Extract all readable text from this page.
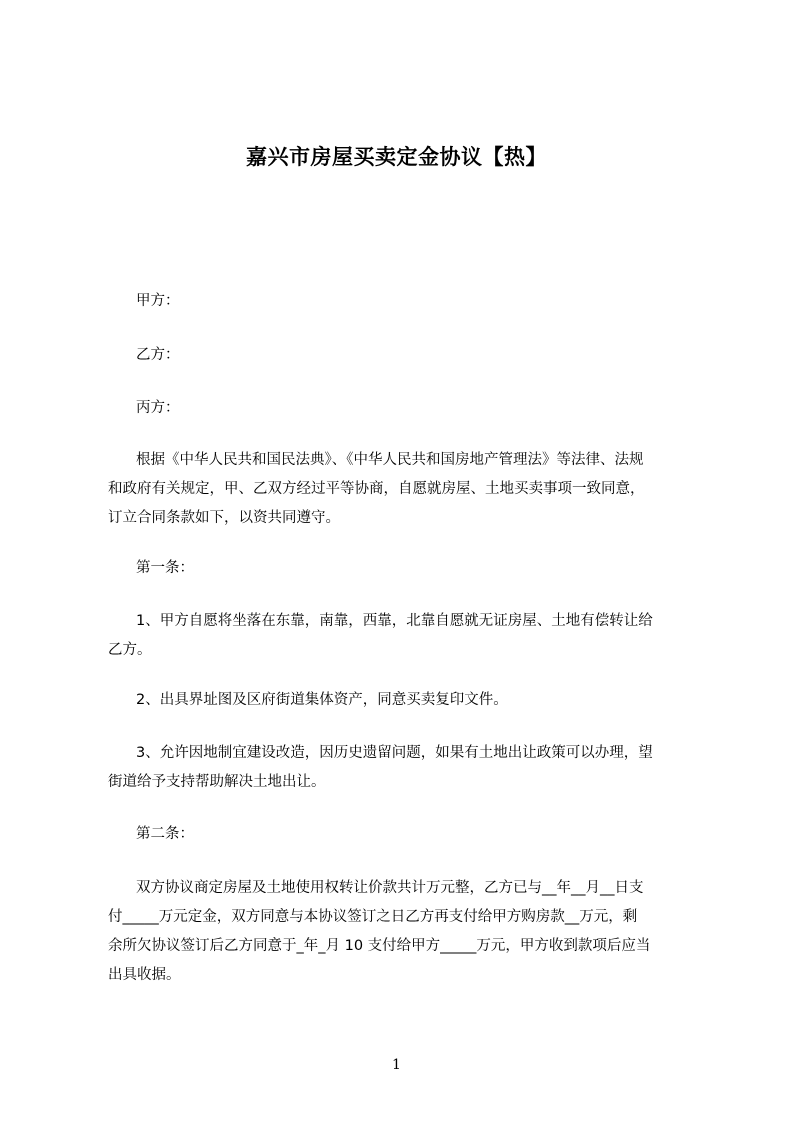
嘉兴市房屋买卖定金协议【热】
甲方：
乙方：
丙方：
根据《中华人民共和国民法典》、《中华人民共和国房地产管理法》等法律、法规
和政府有关规定，甲、乙双方经过平等协商，自愿就房屋、土地买卖事项一致同意，
订立合同条款如下，以资共同遵守。
第一条：
1、甲方自愿将坐落在东靠，南靠，西靠，北靠自愿就无证房屋、土地有偿转让给
乙方。
2、出具界址图及区府街道集体资产，同意买卖复印文件。
3、允许因地制宜建设改造，因历史遗留问题，如果有土地出让政策可以办理，望
街道给予支持帮助解决土地出让。
第二条：
双方协议商定房屋及土地使用权转让价款共计万元整，乙方已与__年__月__日支
付_____万元定金，双方同意与本协议签订之日乙方再支付给甲方购房款__万元，剩
余所欠协议签订后乙方同意于_年_月 10 支付给甲方_____万元，甲方收到款项后应当
出具收据。
1
